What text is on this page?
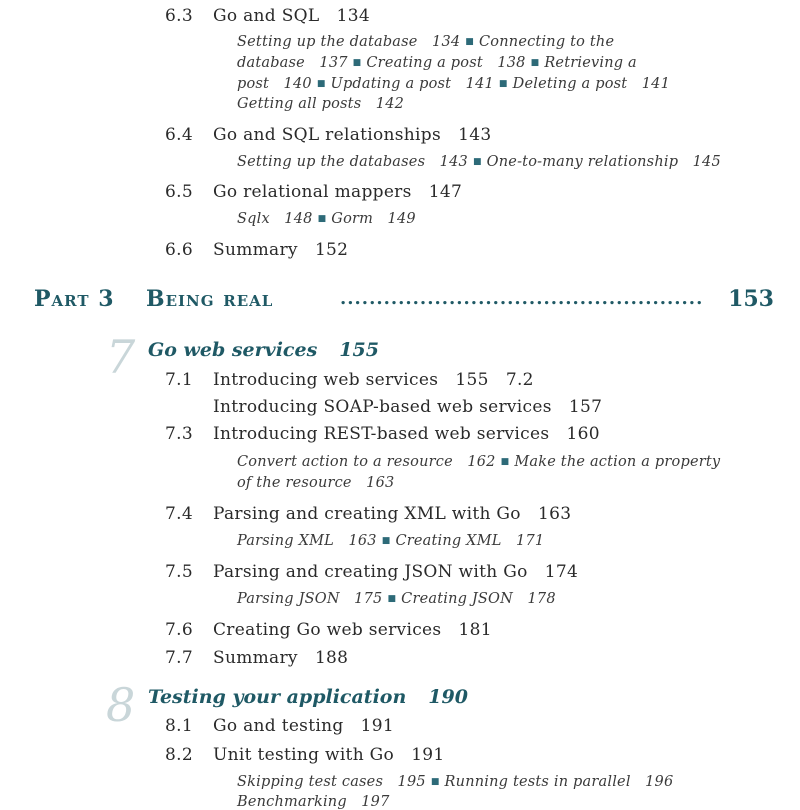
6.3 Go and SQL 134
Setting up the database 134 ■ Connecting to the
database 137 ■ Creating a post 138 ■ Retrieving a
post 140 ■ Updating a post 141 ■ Deleting a post 141
Getting all posts 142
6.4 Go and SQL relationships 143
Setting up the databases 143 ■ One-to-many relationship 145
6.5 Go relational mappers 147
Sqlx 148 ■ Gorm 149
6.6 Summary 152
Part 3 Being real	.................................................. 153
7 Go web services 155
7.1 Introducing web services 155 7.2
Introducing SOAP-based web services 157
7.3 Introducing REST-based web services 160
Convert action to a resource 162 ■ Make the action a property
of the resource 163
7.4 Parsing and creating XML with Go 163
Parsing XML 163 ■ Creating XML 171
7.5 Parsing and creating JSON with Go 174
Parsing JSON 175 ■ Creating JSON 178
7.6 Creating Go web services 181
7.7 Summary 188
8 Testing your application 190
8.1 Go and testing 191
8.2 Unit testing with Go 191
Skipping test cases 195 ■ Running tests in parallel 196
Benchmarking 197
